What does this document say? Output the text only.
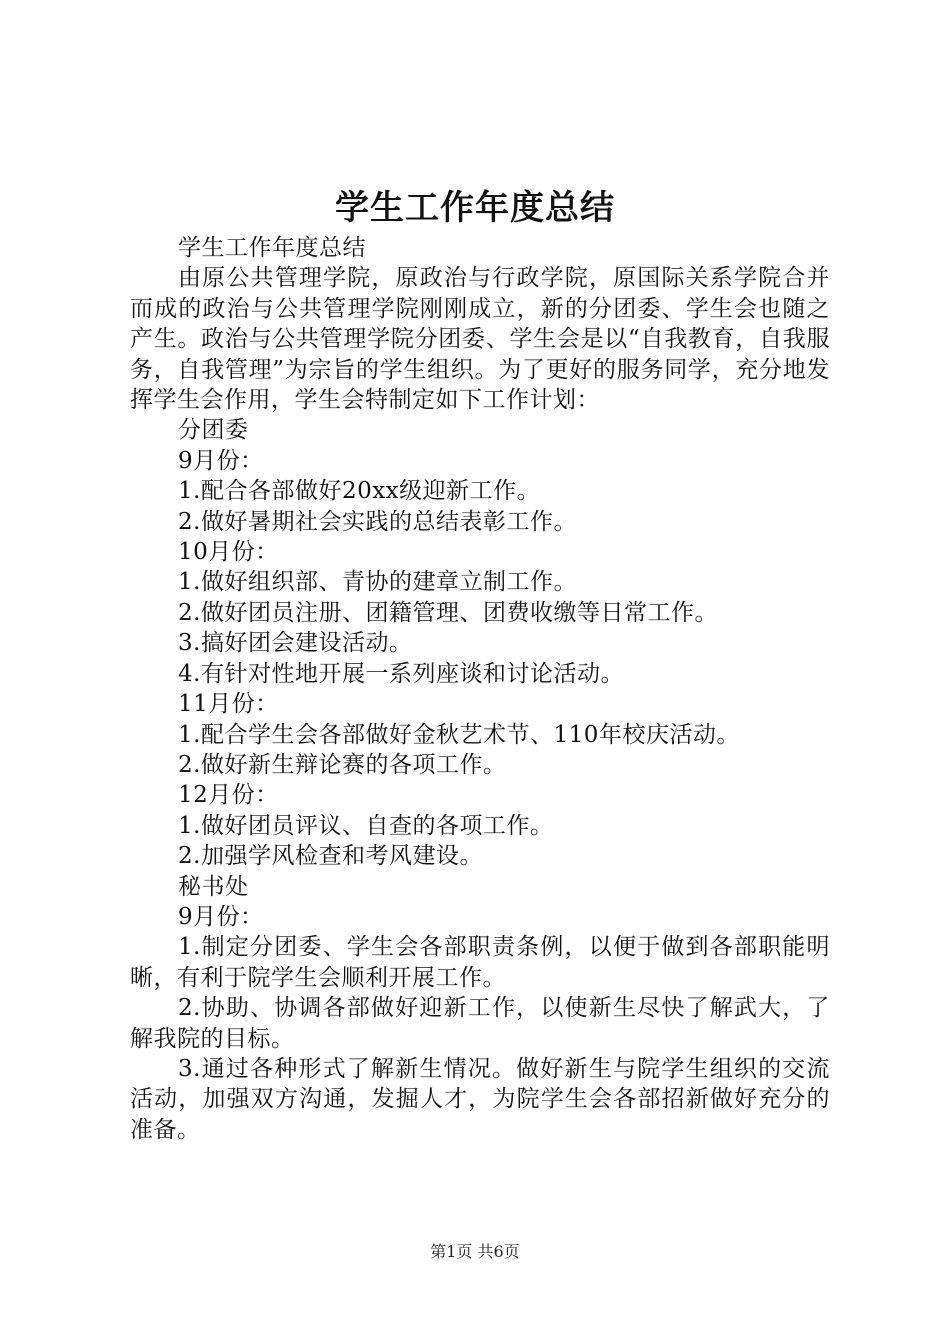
学生工作年度总结

学生工作年度总结

由原公共管理学院，原政治与行政学院，原国际关系学院合并而成的政治与公共管理学院刚刚成立，新的分团委、学生会也随之产生。政治与公共管理学院分团委、学生会是以“自我教育，自我服务，自我管理”为宗旨的学生组织。为了更好的服务同学，充分地发挥学生会作用，学生会特制定如下工作计划：

分团委

9月份：

1.配合各部做好20xx级迎新工作。

2.做好暑期社会实践的总结表彰工作。

10月份：

1.做好组织部、青协的建章立制工作。

2.做好团员注册、团籍管理、团费收缴等日常工作。

3.搞好团会建设活动。

4.有针对性地开展一系列座谈和讨论活动。

11月份：

1.配合学生会各部做好金秋艺术节、110年校庆活动。

2.做好新生辩论赛的各项工作。

12月份：

1.做好团员评议、自查的各项工作。

2.加强学风检查和考风建设。

秘书处

9月份：

1.制定分团委、学生会各部职责条例，以便于做到各部职能明晰，有利于院学生会顺利开展工作。

2.协助、协调各部做好迎新工作，以使新生尽快了解武大，了解我院的目标。

3.通过各种形式了解新生情况。做好新生与院学生组织的交流活动，加强双方沟通，发掘人才，为院学生会各部招新做好充分的准备。

第1页 共6页
